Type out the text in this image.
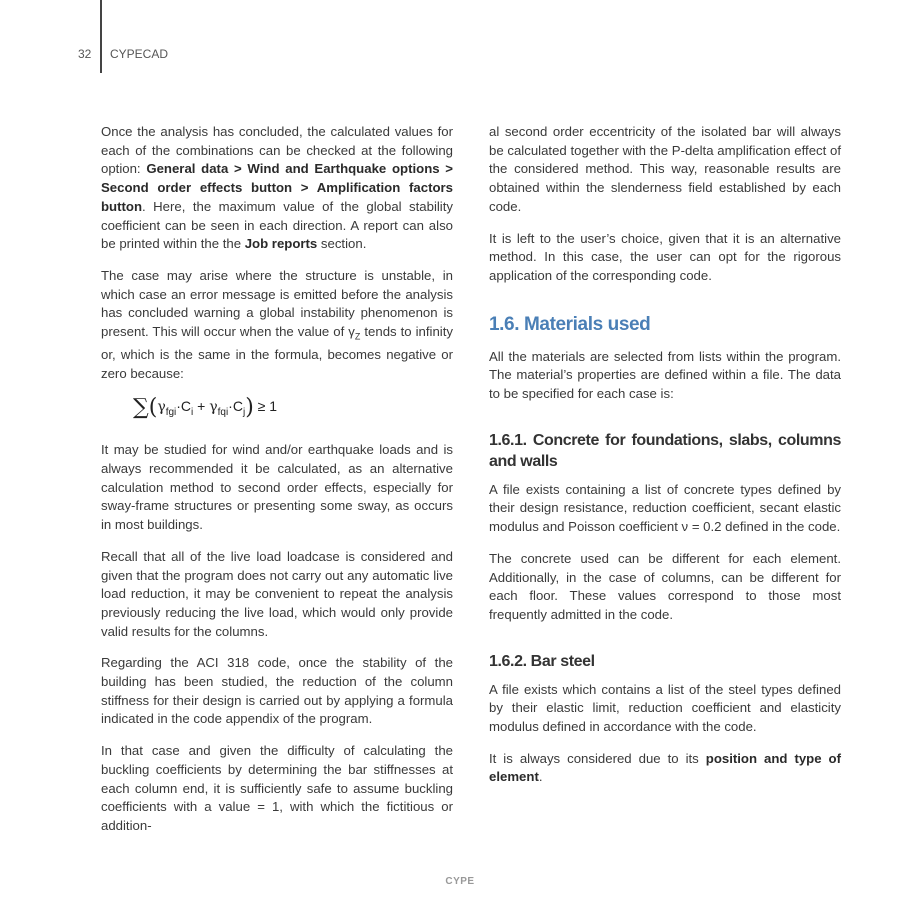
32 CYPECAD

Once the analysis has concluded, the calculated values for each of the combinations can be checked at the following option: General data > Wind and Earthquake options > Second order effects button > Amplification factors button. Here, the maximum value of the global stability coefficient can be seen in each direction. A report can also be printed within the the Job reports section.

The case may arise where the structure is unstable, in which case an error message is emitted before the analysis has concluded warning a global instability phenomenon is present. This will occur when the value of $\gamma_Z$ tends to infinity or, which is the same in the formula, becomes negative or zero because:

$\sum(\gamma_{fgi}\cdot C_i + \gamma_{fqi}\cdot C_j) \ge 1$

It may be studied for wind and/or earthquake loads and is always recommended it be calculated, as an alternative calculation method to second order effects, especially for sway-frame structures or presenting some sway, as occurs in most buildings.

Recall that all of the live load loadcase is considered and given that the program does not carry out any automatic live load reduction, it may be convenient to repeat the analysis previously reducing the live load, which would only provide valid results for the columns.

Regarding the ACI 318 code, once the stability of the building has been studied, the reduction of the column stiffness for their design is carried out by applying a formula indicated in the code appendix of the program.

In that case and given the difficulty of calculating the buckling coefficients by determining the bar stiffnesses at each column end, it is sufficiently safe to assume buckling coefficients with a value = 1, with which the fictitious or addition-

al second order eccentricity of the isolated bar will always be calculated together with the P-delta amplification effect of the considered method. This way, reasonable results are obtained within the slenderness field established by each code.

It is left to the user’s choice, given that it is an alternative method. In this case, the user can opt for the rigorous application of the corresponding code.

1.6. Materials used

All the materials are selected from lists within the program. The material’s properties are defined within a file. The data to be specified for each case is:

1.6.1. Concrete for foundations, slabs, columns and walls

A file exists containing a list of concrete types defined by their design resistance, reduction coefficient, secant elastic modulus and Poisson coefficient ν = 0.2 defined in the code.

The concrete used can be different for each element. Additionally, in the case of columns, can be different for each floor. These values correspond to those most frequently admitted in the code.

1.6.2. Bar steel

A file exists which contains a list of the steel types defined by their elastic limit, reduction coefficient and elasticity modulus defined in accordance with the code.

It is always considered due to its position and type of element.

CYPE
